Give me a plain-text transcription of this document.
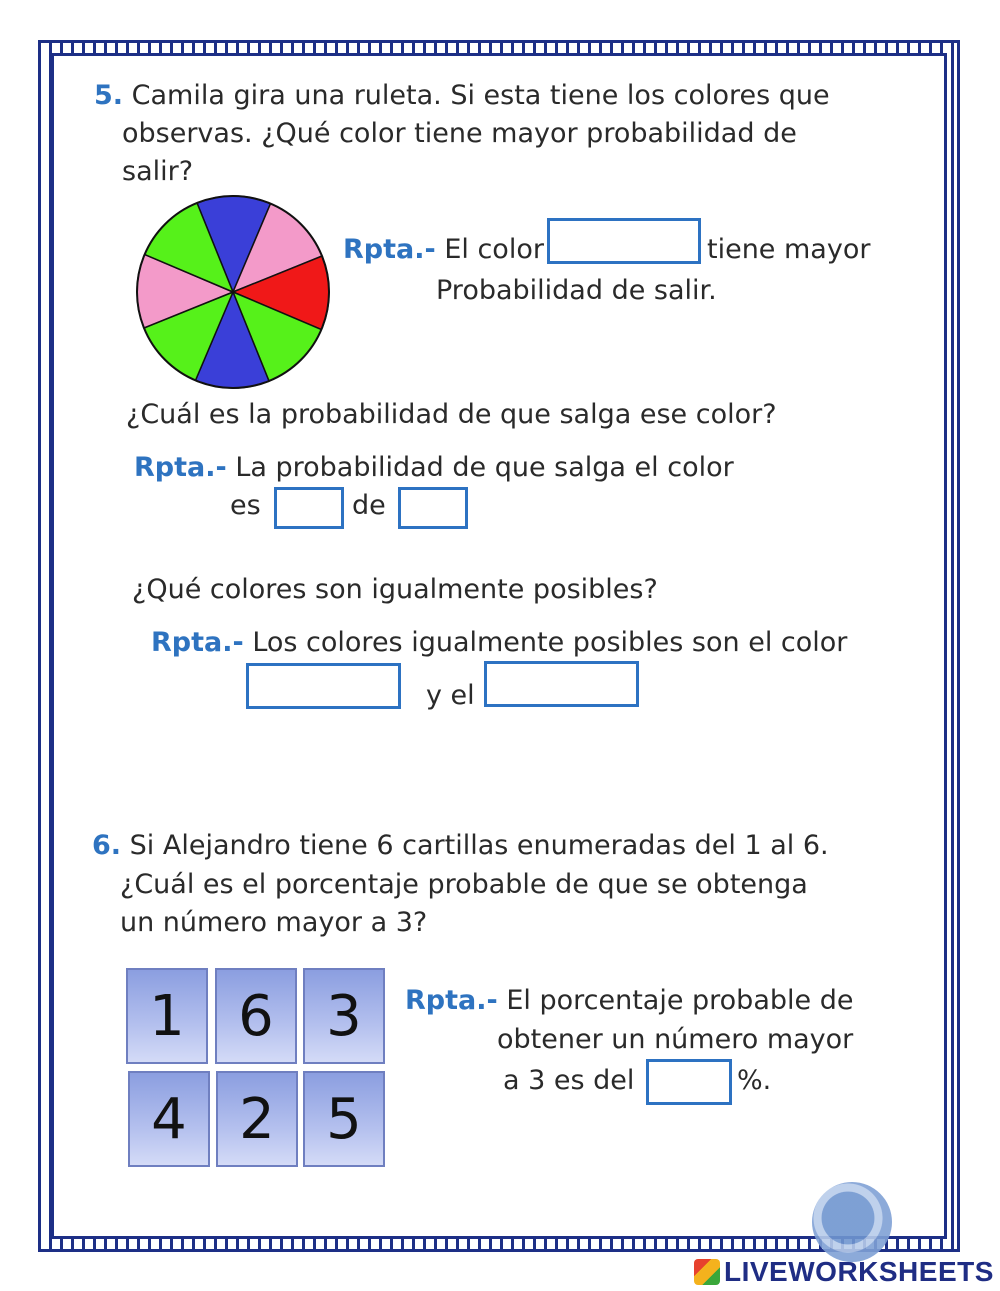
5. Camila gira una ruleta. Si esta tiene los colores que
observas. ¿Qué color tiene mayor probabilidad de
salir?
Rpta.- El color	tiene mayor
Probabilidad de salir.
¿Cuál es la probabilidad de que salga ese color?
Rpta.- La probabilidad de que salga el color
es	de
¿Qué colores son igualmente posibles?
Rpta.- Los colores igualmente posibles son el color
y el
6. Si Alejandro tiene 6 cartillas enumeradas del 1 al 6.
¿Cuál es el porcentaje probable de que se obtenga
un número mayor a 3?
1 6 3
4 2 5
Rpta.- El porcentaje probable de
obtener un número mayor
a 3 es del	%.
LIVEWORKSHEETS
